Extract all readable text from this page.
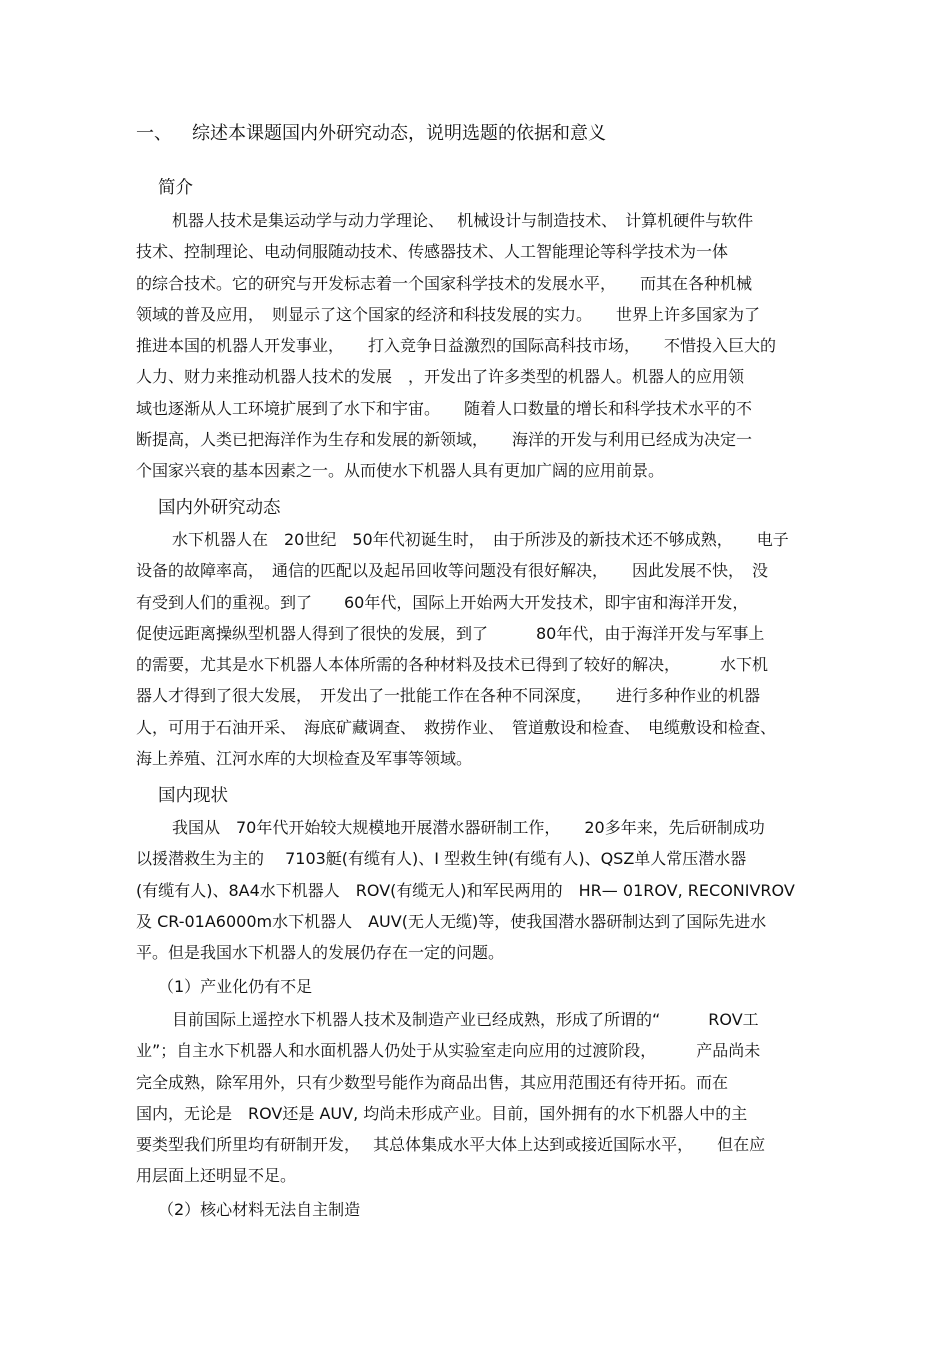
一、 综述本课题国内外研究动态，说明选题的依据和意义
简介
机器人技术是集运动学与动力学理论、　 机械设计与制造技术、　计算机硬件与软件
技术、控制理论、电动伺服随动技术、传感器技术、人工智能理论等科学技术为一体
的综合技术。它的研究与开发标志着一个国家科学技术的发展水平，　　而其在各种机械
领域的普及应用，　则显示了这个国家的经济和科技发展的实力。　　世界上许多国家为了
推进本国的机器人开发事业，　　打入竞争日益激烈的国际高科技市场，　　不惜投入巨大的
人力、财力来推动机器人技术的发展　，开发出了许多类型的机器人。机器人的应用领
域也逐渐从人工环境扩展到了水下和宇宙。　　随着人口数量的增长和科学技术水平的不
断提高，人类已把海洋作为生存和发展的新领域，　　海洋的开发与利用已经成为决定一
个国家兴衰的基本因素之一。从而使水下机器人具有更加广阔的应用前景。
国内外研究动态
水下机器人在　20世纪　50年代初诞生时，　由于所涉及的新技术还不够成熟，　　电子
设备的故障率高，　通信的匹配以及起吊回收等问题没有很好解决，　　因此发展不快，　没
有受到人们的重视。到了　　60年代，国际上开始两大开发技术，即宇宙和海洋开发，
促使远距离操纵型机器人得到了很快的发展，到了　　　80年代，由于海洋开发与军事上
的需要，尤其是水下机器人本体所需的各种材料及技术已得到了较好的解决，　　　水下机
器人才得到了很大发展，　开发出了一批能工作在各种不同深度，　　进行多种作业的机器
人，可用于石油开采、　海底矿藏调查、　救捞作业、　管道敷设和检查、　电缆敷设和检查、
海上养殖、江河水库的大坝检查及军事等领域。
国内现状
我国从　70年代开始较大规模地开展潜水器研制工作，　　20多年来，先后研制成功
以援潜救生为主的　 7103艇(有缆有人)、I 型救生钟(有缆有人)、QSZ单人常压潜水器
(有缆有人)、8A4水下机器人　ROV(有缆无人)和军民两用的　HR— 01ROV, RECONIVROV
及 CR-01A6000m水下机器人　AUV(无人无缆)等，使我国潜水器研制达到了国际先进水
平。但是我国水下机器人的发展仍存在一定的问题。
（1）产业化仍有不足
目前国际上遥控水下机器人技术及制造产业已经成熟，形成了所谓的“　　　ROV工
业”；自主水下机器人和水面机器人仍处于从实验室走向应用的过渡阶段，　　　产品尚未
完全成熟，除军用外，只有少数型号能作为商品出售，其应用范围还有待开拓。而在
国内，无论是　ROV还是 AUV, 均尚未形成产业。目前，国外拥有的水下机器人中的主
要类型我们所里均有研制开发，　 其总体集成水平大体上达到或接近国际水平，　　但在应
用层面上还明显不足。
（2）核心材料无法自主制造
